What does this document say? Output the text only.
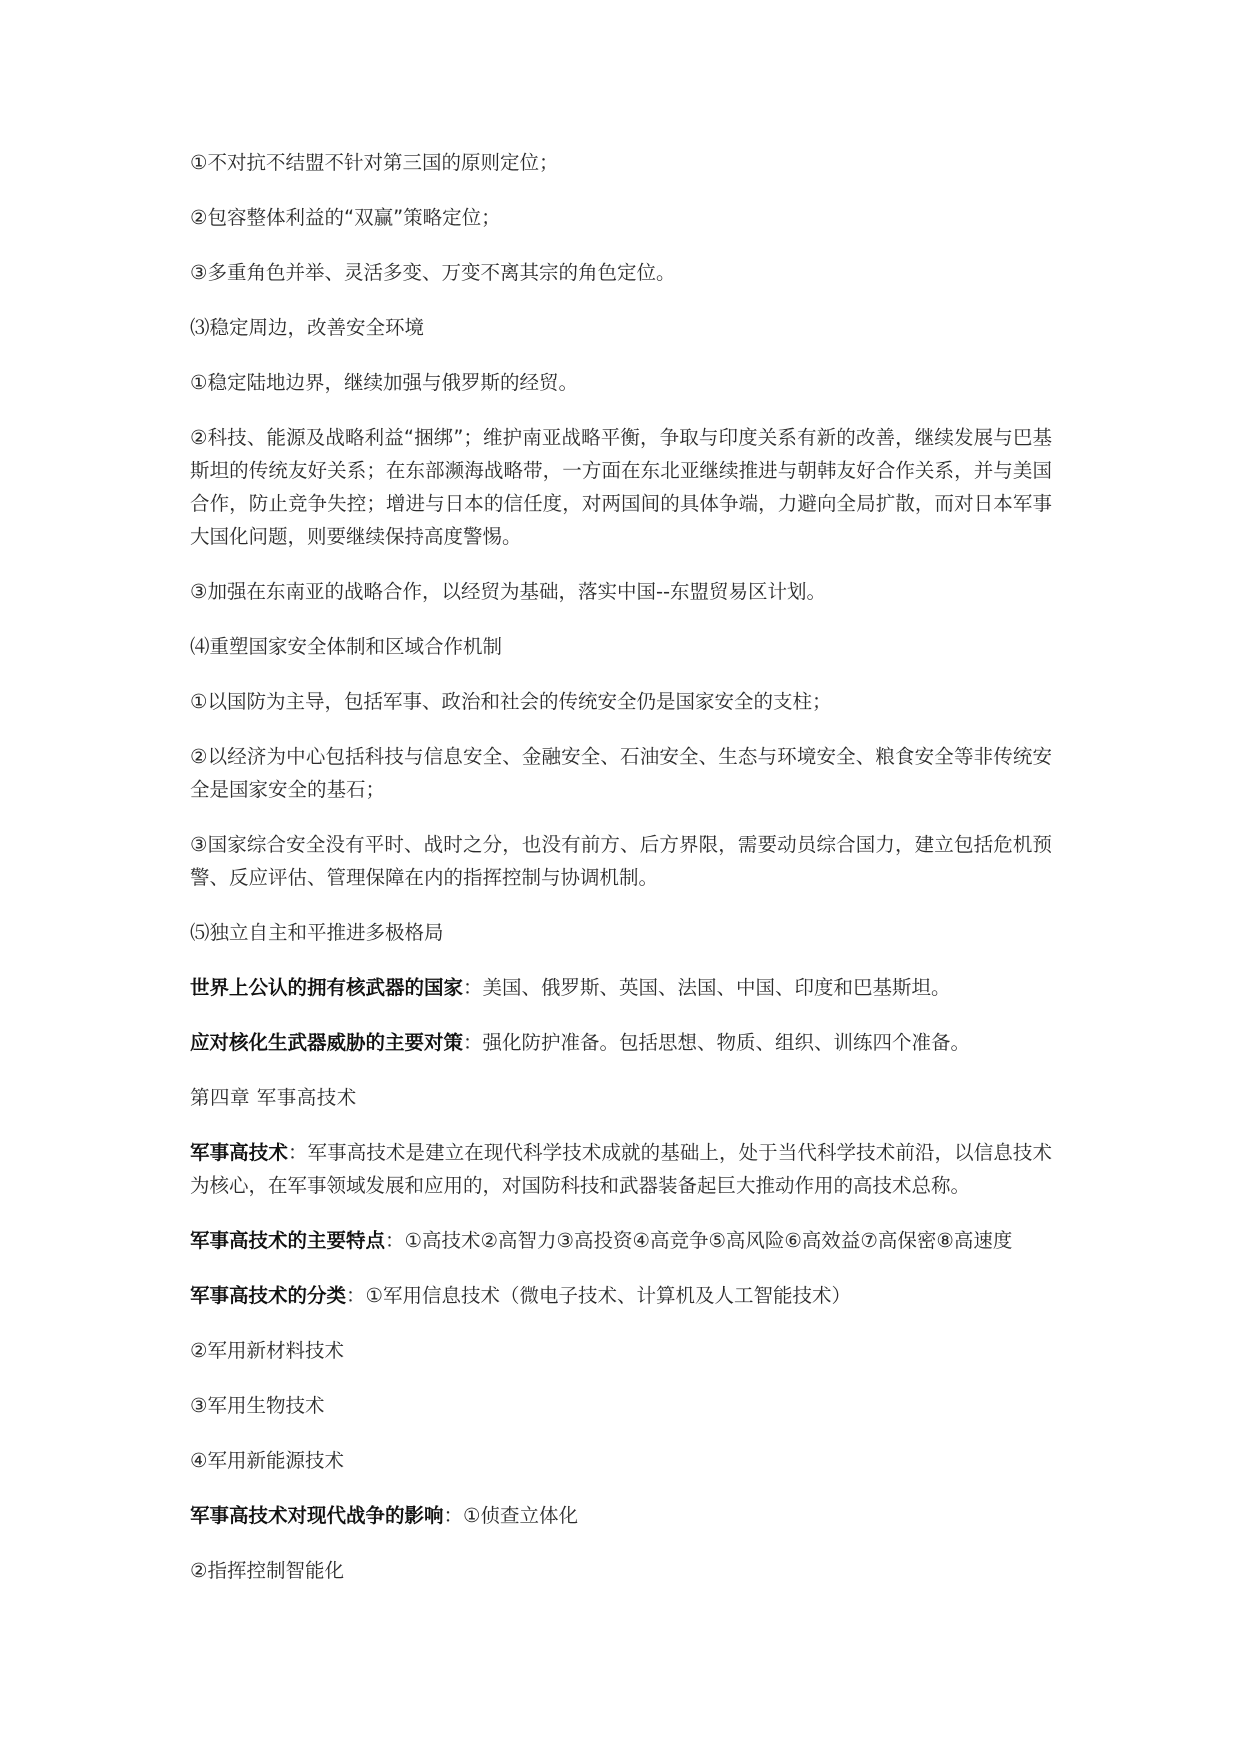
①不对抗不结盟不针对第三国的原则定位；

②包容整体利益的“双赢”策略定位；

③多重角色并举、灵活多变、万变不离其宗的角色定位。

⑶稳定周边，改善安全环境

①稳定陆地边界，继续加强与俄罗斯的经贸。

②科技、能源及战略利益“捆绑”；维护南亚战略平衡，争取与印度关系有新的改善，继续发展与巴基斯坦的传统友好关系；在东部濒海战略带，一方面在东北亚继续推进与朝韩友好合作关系，并与美国合作，防止竞争失控；增进与日本的信任度，对两国间的具体争端，力避向全局扩散，而对日本军事大国化问题，则要继续保持高度警惕。

③加强在东南亚的战略合作，以经贸为基础，落实中国--东盟贸易区计划。

⑷重塑国家安全体制和区域合作机制

①以国防为主导，包括军事、政治和社会的传统安全仍是国家安全的支柱；

②以经济为中心包括科技与信息安全、金融安全、石油安全、生态与环境安全、粮食安全等非传统安全是国家安全的基石；

③国家综合安全没有平时、战时之分，也没有前方、后方界限，需要动员综合国力，建立包括危机预警、反应评估、管理保障在内的指挥控制与协调机制。

⑸独立自主和平推进多极格局

世界上公认的拥有核武器的国家：美国、俄罗斯、英国、法国、中国、印度和巴基斯坦。

应对核化生武器威胁的主要对策：强化防护准备。包括思想、物质、组织、训练四个准备。

第四章 军事高技术

军事高技术：军事高技术是建立在现代科学技术成就的基础上，处于当代科学技术前沿，以信息技术为核心，在军事领域发展和应用的，对国防科技和武器装备起巨大推动作用的高技术总称。

军事高技术的主要特点：①高技术②高智力③高投资④高竞争⑤高风险⑥高效益⑦高保密⑧高速度

军事高技术的分类：①军用信息技术（微电子技术、计算机及人工智能技术）

②军用新材料技术

③军用生物技术

④军用新能源技术

军事高技术对现代战争的影响：①侦查立体化

②指挥控制智能化
